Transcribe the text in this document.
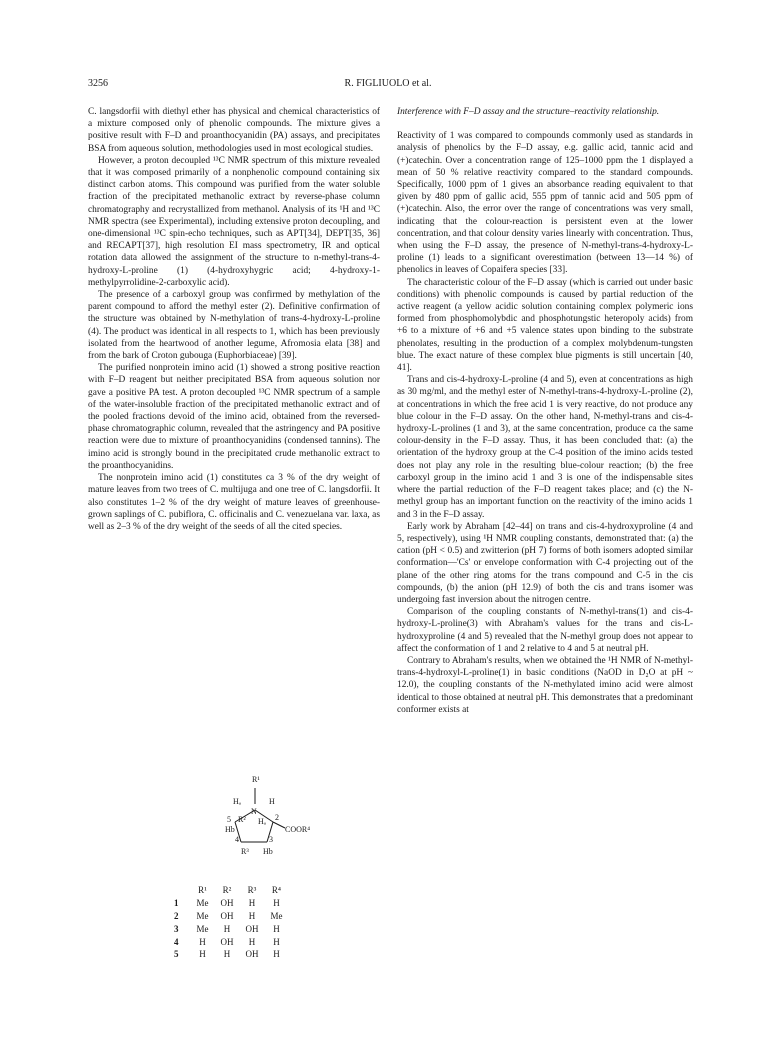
3256	R. FIGLIUOLO et al.

C. langsdorfii with diethyl ether has physical and chemical characteristics of a mixture composed only of phenolic compounds. The mixture gives a positive result with F–D and proanthocyanidin (PA) assays, and precipitates BSA from aqueous solution, methodologies used in most ecological studies.

However, a proton decoupled ¹³C NMR spectrum of this mixture revealed that it was composed primarily of a nonphenolic compound containing six distinct carbon atoms. This compound was purified from the water soluble fraction of the precipitated methanolic extract by reverse-phase column chromatography and recrystallized from methanol. Analysis of its ¹H and ¹³C NMR spectra (see Experimental), including extensive proton decoupling, and one-dimensional ¹³C spin-echo techniques, such as APT[34], DEPT[35, 36] and RECAPT[37], high resolution EI mass spectrometry, IR and optical rotation data allowed the assignment of the structure to n-methyl-trans-4-hydroxy-L-proline (1) (4-hydroxyhygric acid; 4-hydroxy-1-methylpyrrolidine-2-carboxylic acid).

The presence of a carboxyl group was confirmed by methylation of the parent compound to afford the methyl ester (2). Definitive confirmation of the structure was obtained by N-methylation of trans-4-hydroxy-L-proline (4). The product was identical in all respects to 1, which has been previously isolated from the heartwood of another legume, Afromosia elata [38] and from the bark of Croton gubouga (Euphorbiaceae) [39].

The purified nonprotein imino acid (1) showed a strong positive reaction with F–D reagent but neither precipitated BSA from aqueous solution nor gave a positive PA test. A proton decoupled ¹³C NMR spectrum of a sample of the water-insoluble fraction of the precipitated methanolic extract and of the pooled fractions devoid of the imino acid, obtained from the reversed-phase chromatographic column, revealed that the astringency and PA positive reaction were due to mixture of proanthocyanidins (condensed tannins). The imino acid is strongly bound in the precipitated crude methanolic extract to the proanthocyanidins.

The nonprotein imino acid (1) constitutes ca 3 % of the dry weight of mature leaves from two trees of C. multijuga and one tree of C. langsdorfii. It also constitutes 1–2 % of the dry weight of mature leaves of greenhouse-grown saplings of C. pubiflora, C. officinalis and C. venezuelana var. laxa, as well as 2–3 % of the dry weight of the seeds of all the cited species.

R¹
Hₐ	H
N
5 R² Hₐ 2
Hb	COOR⁴
4	3
R³ Hb
	R¹	R²	R³	R⁴
1	Me	OH	H	H
2	Me	OH	H	Me
3	Me	H	OH	H
4	H	OH	H	H
5	H	H	OH	H
Interference with F–D assay and the structure–reactivity relationship.

Reactivity of 1 was compared to compounds commonly used as standards in analysis of phenolics by the F–D assay, e.g. gallic acid, tannic acid and (+)catechin. Over a concentration range of 125–1000 ppm the 1 displayed a mean of 50 % relative reactivity compared to the standard compounds. Specifically, 1000 ppm of 1 gives an absorbance reading equivalent to that given by 480 ppm of gallic acid, 555 ppm of tannic acid and 505 ppm of (+)catechin. Also, the error over the range of concentrations was very small, indicating that the colour-reaction is persistent even at the lower concentration, and that colour density varies linearly with concentration. Thus, when using the F–D assay, the presence of N-methyl-trans-4-hydroxy-L-proline (1) leads to a significant overestimation (between 13—14 %) of phenolics in leaves of Copaifera species [33].

The characteristic colour of the F–D assay (which is carried out under basic conditions) with phenolic compounds is caused by partial reduction of the active reagent (a yellow acidic solution containing complex polymeric ions formed from phosphomolybdic and phosphotungstic heteropoly acids) from +6 to a mixture of +6 and +5 valence states upon binding to the substrate phenolates, resulting in the production of a complex molybdenum-tungsten blue. The exact nature of these complex blue pigments is still uncertain [40, 41].

Trans and cis-4-hydroxy-L-proline (4 and 5), even at concentrations as high as 30 mg/ml, and the methyl ester of N-methyl-trans-4-hydroxy-L-proline (2), at concentrations in which the free acid 1 is very reactive, do not produce any blue colour in the F–D assay. On the other hand, N-methyl-trans and cis-4-hydroxy-L-prolines (1 and 3), at the same concentration, produce ca the same colour-density in the F–D assay. Thus, it has been concluded that: (a) the orientation of the hydroxy group at the C-4 position of the imino acids tested does not play any role in the resulting blue-colour reaction; (b) the free carboxyl group in the imino acid 1 and 3 is one of the indispensable sites where the partial reduction of the F–D reagent takes place; and (c) the N-methyl group has an important function on the reactivity of the imino acids 1 and 3 in the F–D assay.

Early work by Abraham [42–44] on trans and cis-4-hydroxyproline (4 and 5, respectively), using ¹H NMR coupling constants, demonstrated that: (a) the cation (pH < 0.5) and zwitterion (pH 7) forms of both isomers adopted similar conformation—'Cs' or envelope conformation with C-4 projecting out of the plane of the other ring atoms for the trans compound and C-5 in the cis compounds, (b) the anion (pH 12.9) of both the cis and trans isomer was undergoing fast inversion about the nitrogen centre.

Comparison of the coupling constants of N-methyl-trans(1) and cis-4-hydroxy-L-proline(3) with Abraham's values for the trans and cis-L-hydroxyproline (4 and 5) revealed that the N-methyl group does not appear to affect the conformation of 1 and 2 relative to 4 and 5 at neutral pH.

Contrary to Abraham's results, when we obtained the ¹H NMR of N-methyl-trans-4-hydroxyl-L-proline(1) in basic conditions (NaOD in D₂O at pH ~ 12.0), the coupling constants of the N-methylated imino acid were almost identical to those obtained at neutral pH. This demonstrates that a predominant conformer exists at
